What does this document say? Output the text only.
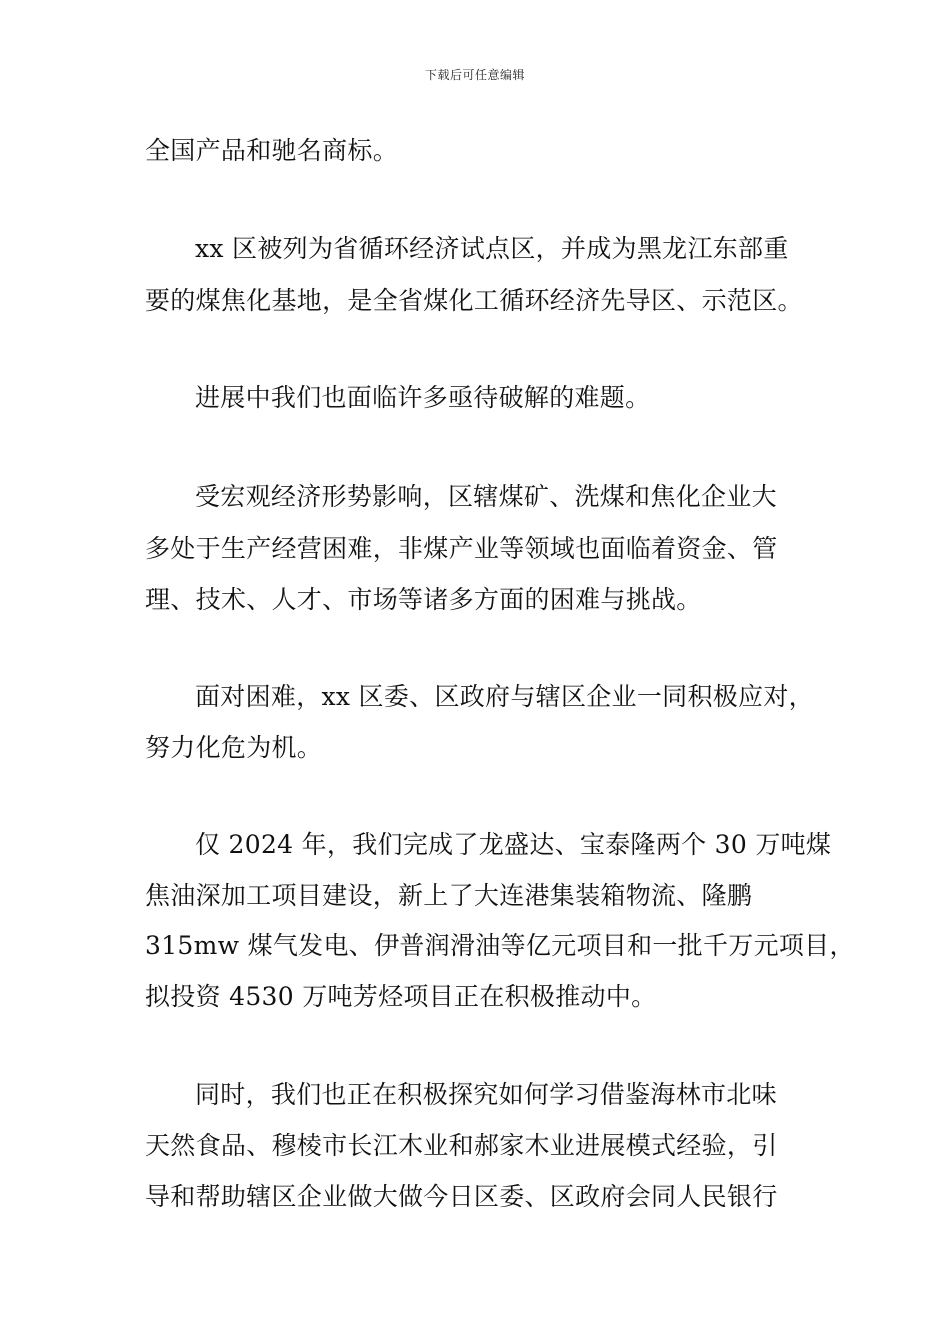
下载后可任意编辑
全国产品和驰名商标。
xx 区被列为省循环经济试点区，并成为黑龙江东部重
要的煤焦化基地，是全省煤化工循环经济先导区、示范区。
进展中我们也面临许多亟待破解的难题。
受宏观经济形势影响，区辖煤矿、洗煤和焦化企业大
多处于生产经营困难，非煤产业等领域也面临着资金、管
理、技术、人才、市场等诸多方面的困难与挑战。
面对困难，xx 区委、区政府与辖区企业一同积极应对，
努力化危为机。
仅 2024 年，我们完成了龙盛达、宝泰隆两个 30 万吨煤
焦油深加工项目建设，新上了大连港集装箱物流、隆鹏
315mw 煤气发电、伊普润滑油等亿元项目和一批千万元项目，
拟投资 4530 万吨芳烃项目正在积极推动中。
同时，我们也正在积极探究如何学习借鉴海林市北味
天然食品、穆棱市长江木业和郝家木业进展模式经验，引
导和帮助辖区企业做大做今日区委、区政府会同人民银行
